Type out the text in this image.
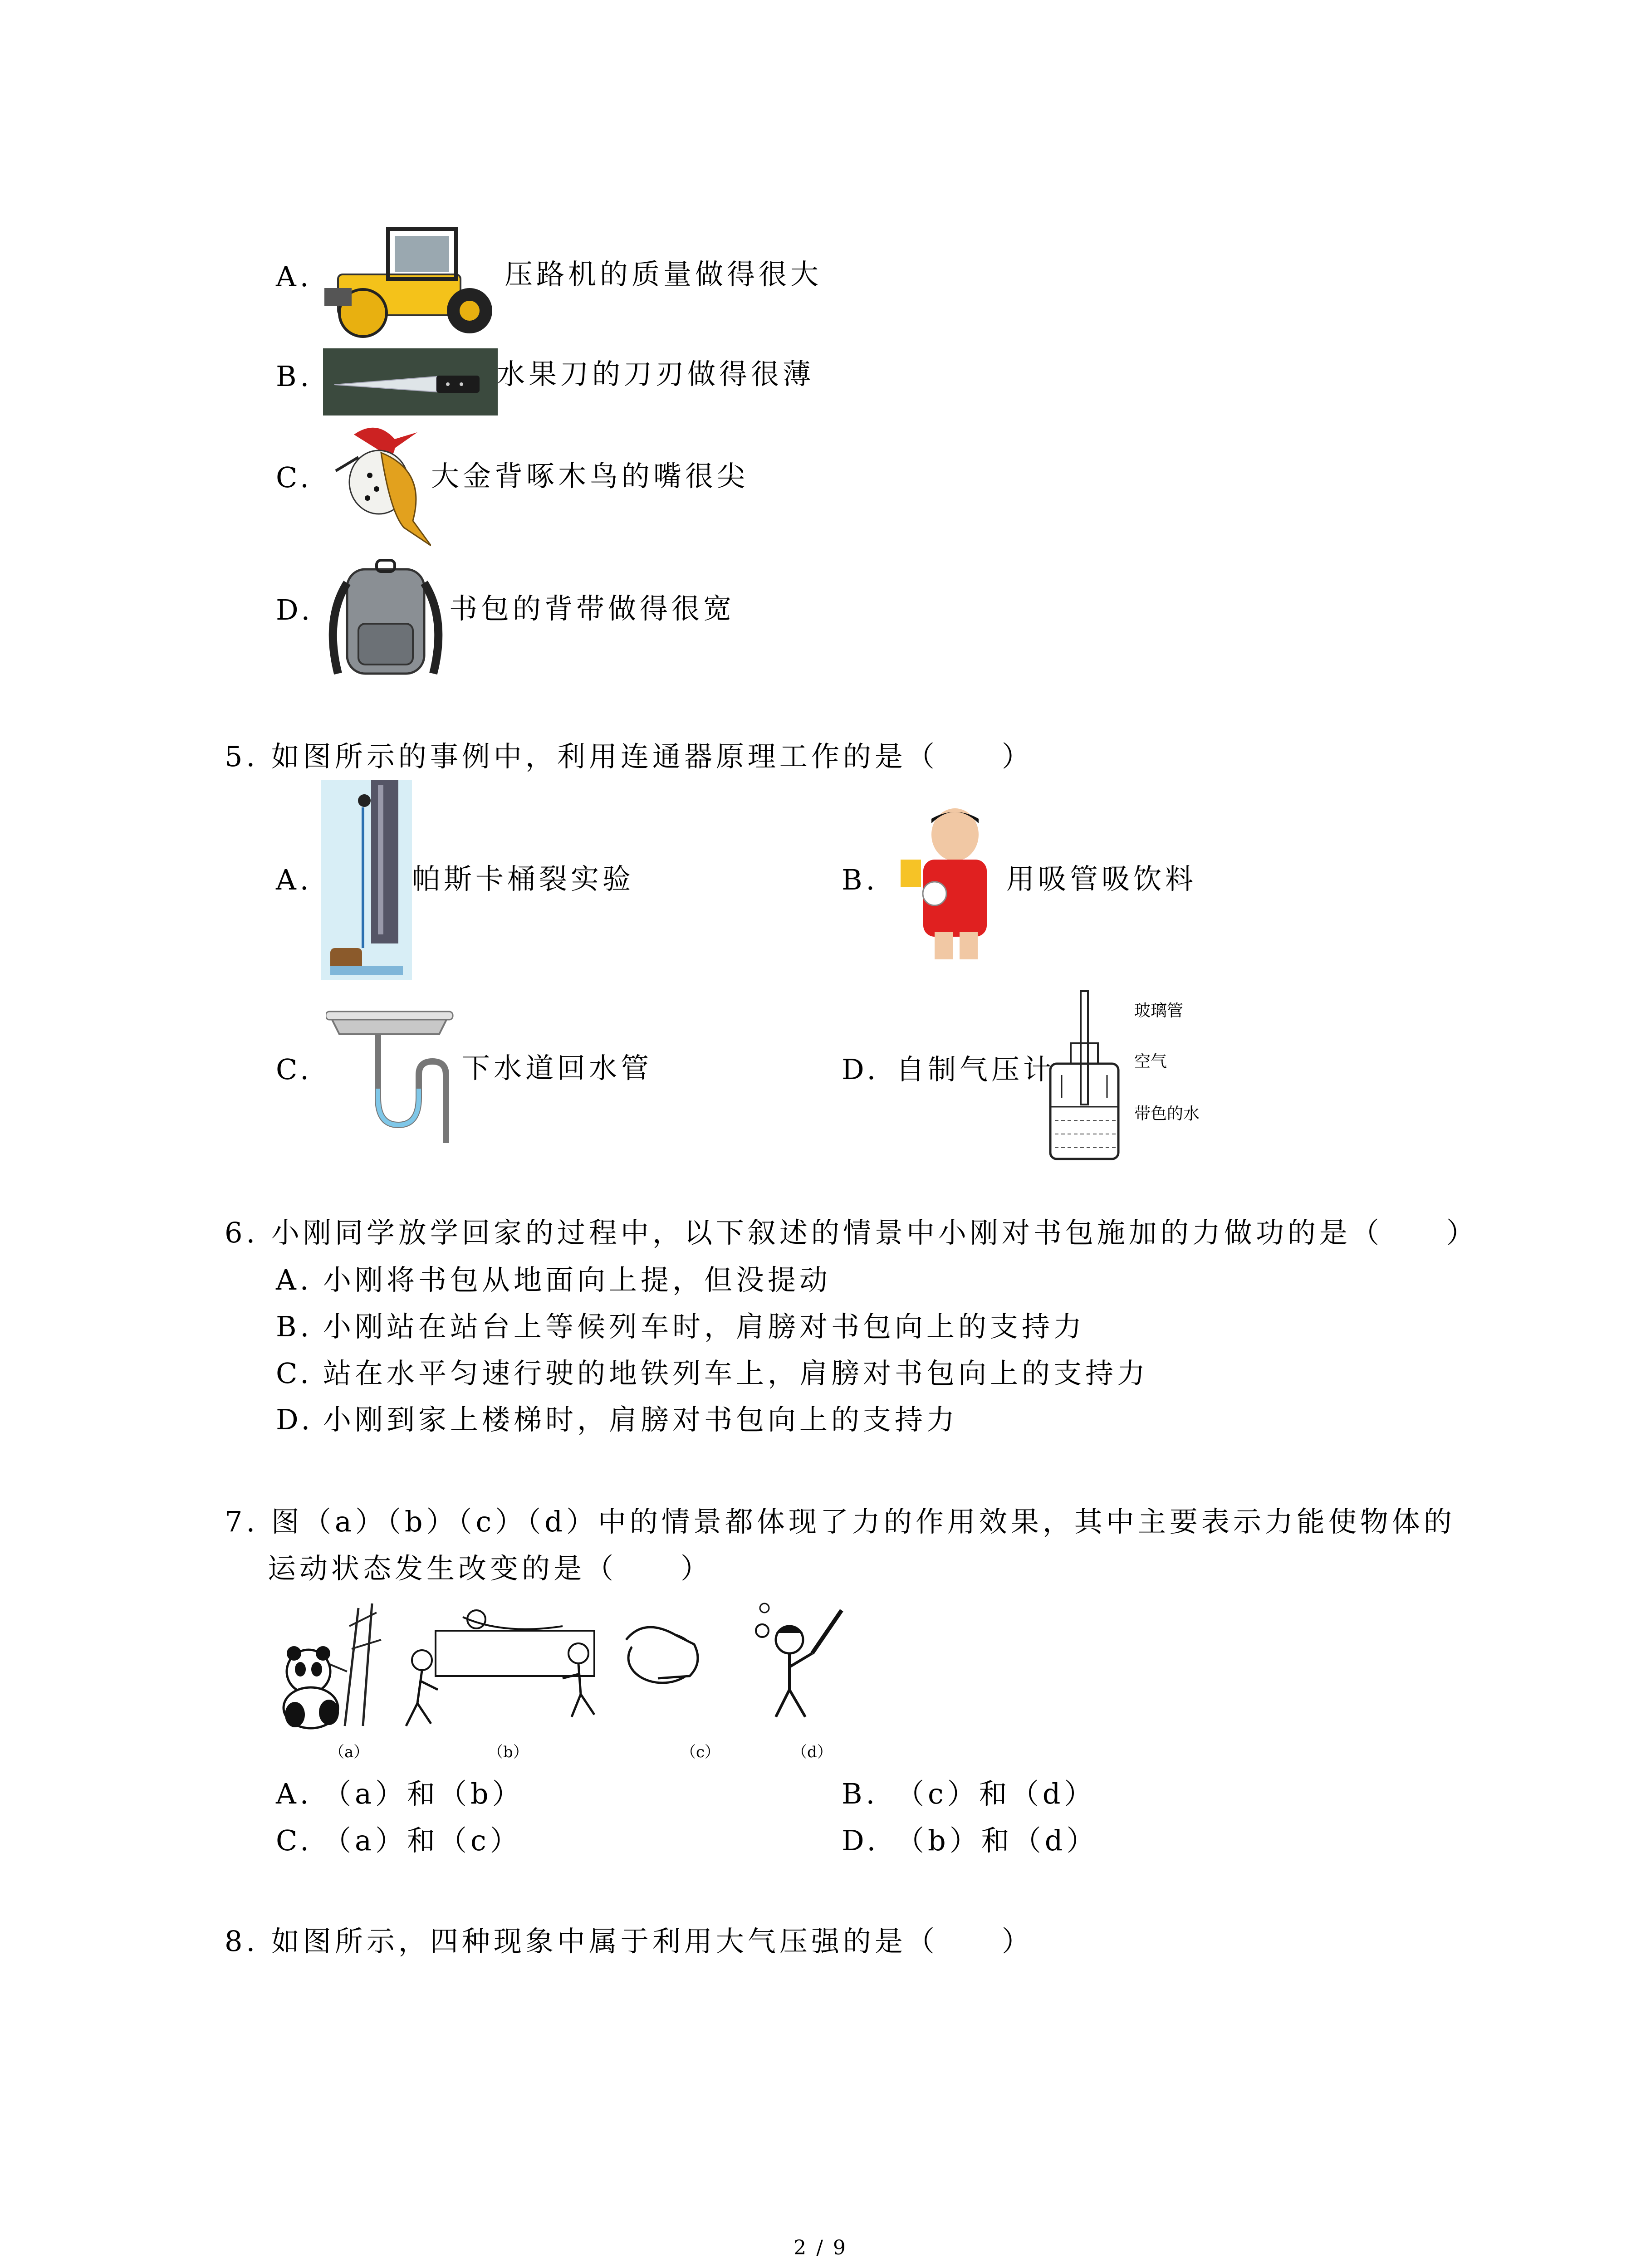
A.	压路机的质量做得很大
B.	水果刀的刀刃做得很薄
C.	大金背啄木鸟的嘴很尖
D.	书包的背带做得很宽
5. 如图所示的事例中，利用连通器原理工作的是（　　）
A.	帕斯卡桶裂实验	B.	用吸管吸饮料
C.	下水道回水管	D. 自制气压计
玻璃管
空气
带色的水
6. 小刚同学放学回家的过程中，以下叙述的情景中小刚对书包施加的力做功的是（　　）
A. 小刚将书包从地面向上提，但没提动
B. 小刚站在站台上等候列车时，肩膀对书包向上的支持力
C. 站在水平匀速行驶的地铁列车上，肩膀对书包向上的支持力
D. 小刚到家上楼梯时，肩膀对书包向上的支持力
7. 图（a）（b）（c）（d）中的情景都体现了力的作用效果，其中主要表示力能使物体的
运动状态发生改变的是（　　）
（a）	（b）	（c）	（d）
A. （a）和（b）	B. （c）和（d）
C. （a）和（c）	D. （b）和（d）
8. 如图所示，四种现象中属于利用大气压强的是（　　）
2 / 9
